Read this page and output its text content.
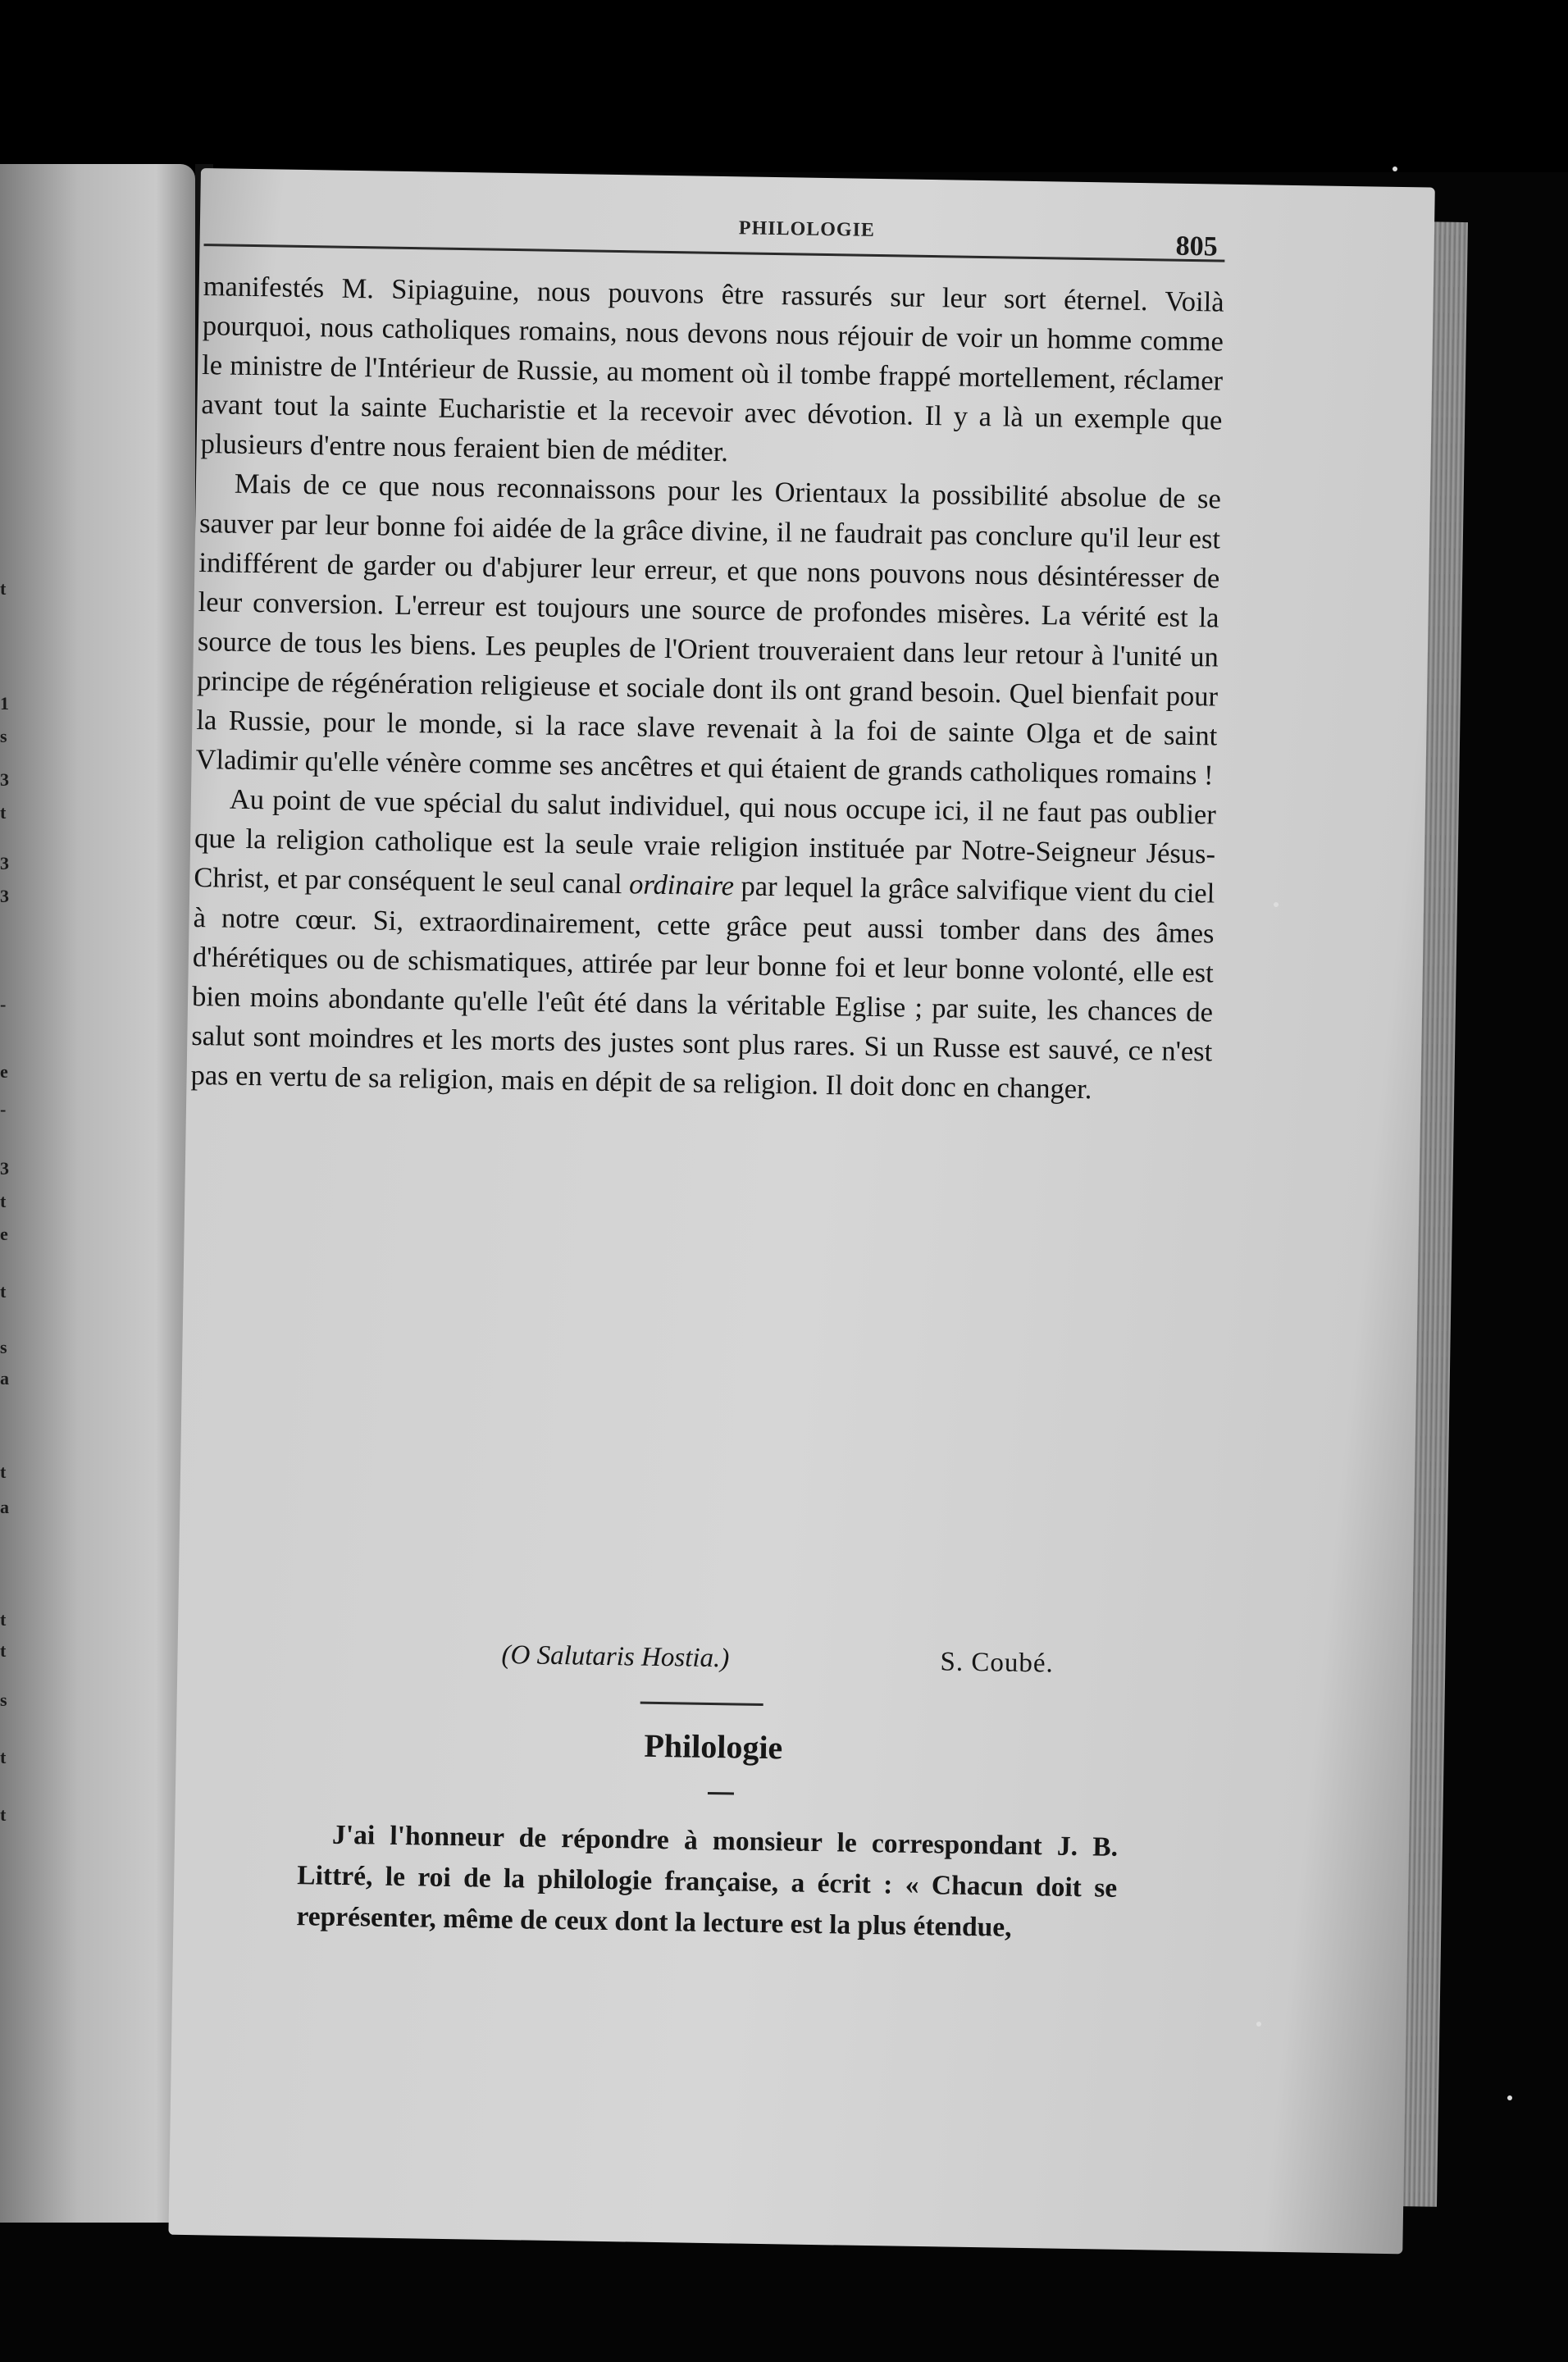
t
1
s
3
t
3
3
-
e
-
3
t
e
t
s
a
t
a
t
t
s
t
t
PHILOLOGIE
805

manifestés M. Sipiaguine, nous pouvons être rassurés sur leur sort éternel. Voilà pourquoi, nous catholiques romains, nous devons nous réjouir de voir un homme comme le ministre de l'Intérieur de Russie, au moment où il tombe frappé mortellement, réclamer avant tout la sainte Eucharistie et la recevoir avec dévotion. Il y a là un exemple que plusieurs d'entre nous feraient bien de méditer.

Mais de ce que nous reconnaissons pour les Orientaux la possibilité absolue de se sauver par leur bonne foi aidée de la grâce divine, il ne faudrait pas conclure qu'il leur est indifférent de garder ou d'abjurer leur erreur, et que nons pouvons nous désintéresser de leur conversion. L'erreur est toujours une source de profondes misères. La vérité est la source de tous les biens. Les peuples de l'Orient trouveraient dans leur retour à l'unité un principe de régénération religieuse et sociale dont ils ont grand besoin. Quel bienfait pour la Russie, pour le monde, si la race slave revenait à la foi de sainte Olga et de saint Vladimir qu'elle vénère comme ses ancêtres et qui étaient de grands catholiques romains !

Au point de vue spécial du salut individuel, qui nous occupe ici, il ne faut pas oublier que la religion catholique est la seule vraie religion instituée par Notre-Seigneur Jésus-Christ, et par conséquent le seul canal ordinaire par lequel la grâce salvifique vient du ciel à notre cœur. Si, extraordinairement, cette grâce peut aussi tomber dans des âmes d'hérétiques ou de schismatiques, attirée par leur bonne foi et leur bonne volonté, elle est bien moins abondante qu'elle l'eût été dans la véritable Eglise ; par suite, les chances de salut sont moindres et les morts des justes sont plus rares. Si un Russe est sauvé, ce n'est pas en vertu de sa religion, mais en dépit de sa religion. Il doit donc en changer.

(O Salutaris Hostia.)	S. Coubé.
Philologie

J'ai l'honneur de répondre à monsieur le correspondant J. B. Littré, le roi de la philologie française, a écrit : « Chacun doit se représenter, même de ceux dont la lecture est la plus étendue,
